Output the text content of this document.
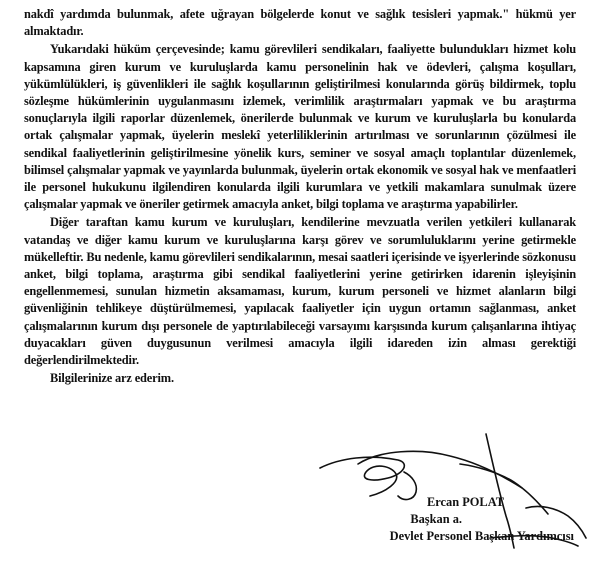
nakdî yardımda bulunmak, afete uğrayan bölgelerde konut ve sağlık tesisleri yapmak." hükmü yer almaktadır.

Yukarıdaki hüküm çerçevesinde; kamu görevlileri sendikaları, faaliyette bulundukları hizmet kolu kapsamına giren kurum ve kuruluşlarda kamu personelinin hak ve ödevleri, çalışma koşulları, yükümlülükleri, iş güvenlikleri ile sağlık koşullarının geliştirilmesi konularında görüş bildirmek, toplu sözleşme hükümlerinin uygulanmasını izlemek, verimlilik araştırmaları yapmak ve bu araştırma sonuçlarıyla ilgili raporlar düzenlemek, önerilerde bulunmak ve kurum ve kuruluşlarla bu konularda ortak çalışmalar yapmak, üyelerin meslekî yeterliliklerinin artırılması ve sorunlarının çözülmesi ile sendikal faaliyetlerinin geliştirilmesine yönelik kurs, seminer ve sosyal amaçlı toplantılar düzenlemek, bilimsel çalışmalar yapmak ve yayınlarda bulunmak, üyelerin ortak ekonomik ve sosyal hak ve menfaatleri ile personel hukukunu ilgilendiren konularda ilgili kurumlara ve yetkili makamlara sunulmak üzere çalışmalar yapmak ve öneriler getirmek amacıyla anket, bilgi toplama ve araştırma yapabilirler.

Diğer taraftan kamu kurum ve kuruluşları, kendilerine mevzuatla verilen yetkileri kullanarak vatandaş ve diğer kamu kurum ve kuruluşlarına karşı görev ve sorumluluklarını yerine getirmekle mükelleftir. Bu nedenle, kamu görevlileri sendikalarının, mesai saatleri içerisinde ve işyerlerinde sözkonusu anket, bilgi toplama, araştırma gibi sendikal faaliyetlerini yerine getirirken idarenin işleyişinin engellenmemesi, sunulan hizmetin aksamaması, kurum, kurum personeli ve hizmet alanların bilgi güvenliğinin tehlikeye düştürülmemesi, yapılacak faaliyetler için uygun ortamın sağlanması, anket çalışmalarının kurum dışı personele de yaptırılabileceği varsayımı karşısında kurum çalışanlarına ihtiyaç duyacakları güven duygusunun verilmesi amacıyla ilgili idareden izin alması gerektiği değerlendirilmektedir.

Bilgilerinize arz ederim.

Ercan POLAT
Başkan a.
Devlet Personel Başkan Yardımcısı
